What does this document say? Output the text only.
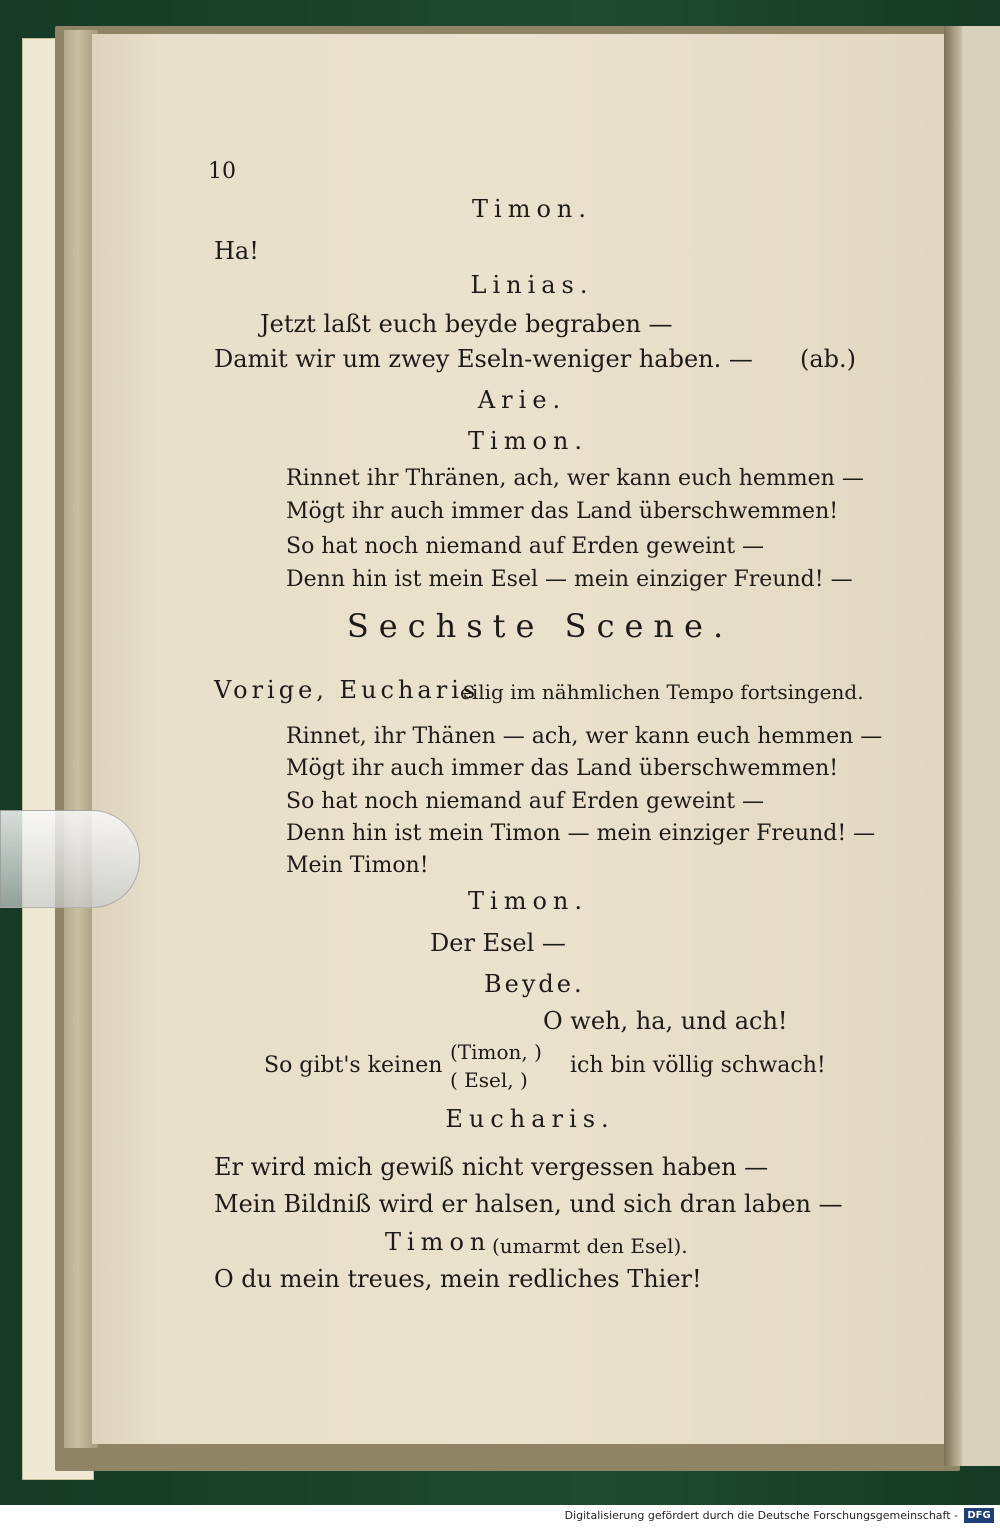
10
Timon.
Ha!
Linias.
Jetzt laßt euch beyde begraben —
Damit wir um zwey Eseln-weniger haben. — (ab.)
Arie.
Timon.
Rinnet ihr Thränen, ach, wer kann euch hemmen —
Mögt ihr auch immer das Land überschwemmen!
So hat noch niemand auf Erden geweint —
Denn hin ist mein Esel — mein einziger Freund! —
Sechste Scene.
Vorige, Eucharis
eilig im nähmlichen Tempo fortsingend.
Rinnet, ihr Thänen — ach, wer kann euch hemmen —
Mögt ihr auch immer das Land überschwemmen!
So hat noch niemand auf Erden geweint —
Denn hin ist mein Timon — mein einziger Freund! —
Mein Timon!
Timon.
Der Esel —
Beyde.
O weh, ha, und ach!
So gibt's keinen
(Timon, )
( Esel, )
ich bin völlig schwach!
Eucharis.
Er wird mich gewiß nicht vergessen haben —
Mein Bildniß wird er halsen, und sich dran laben —
Timon (umarmt den Esel).
O du mein treues, mein redliches Thier!
Digitalisierung gefördert durch die Deutsche Forschungsgemeinschaft - DFG
